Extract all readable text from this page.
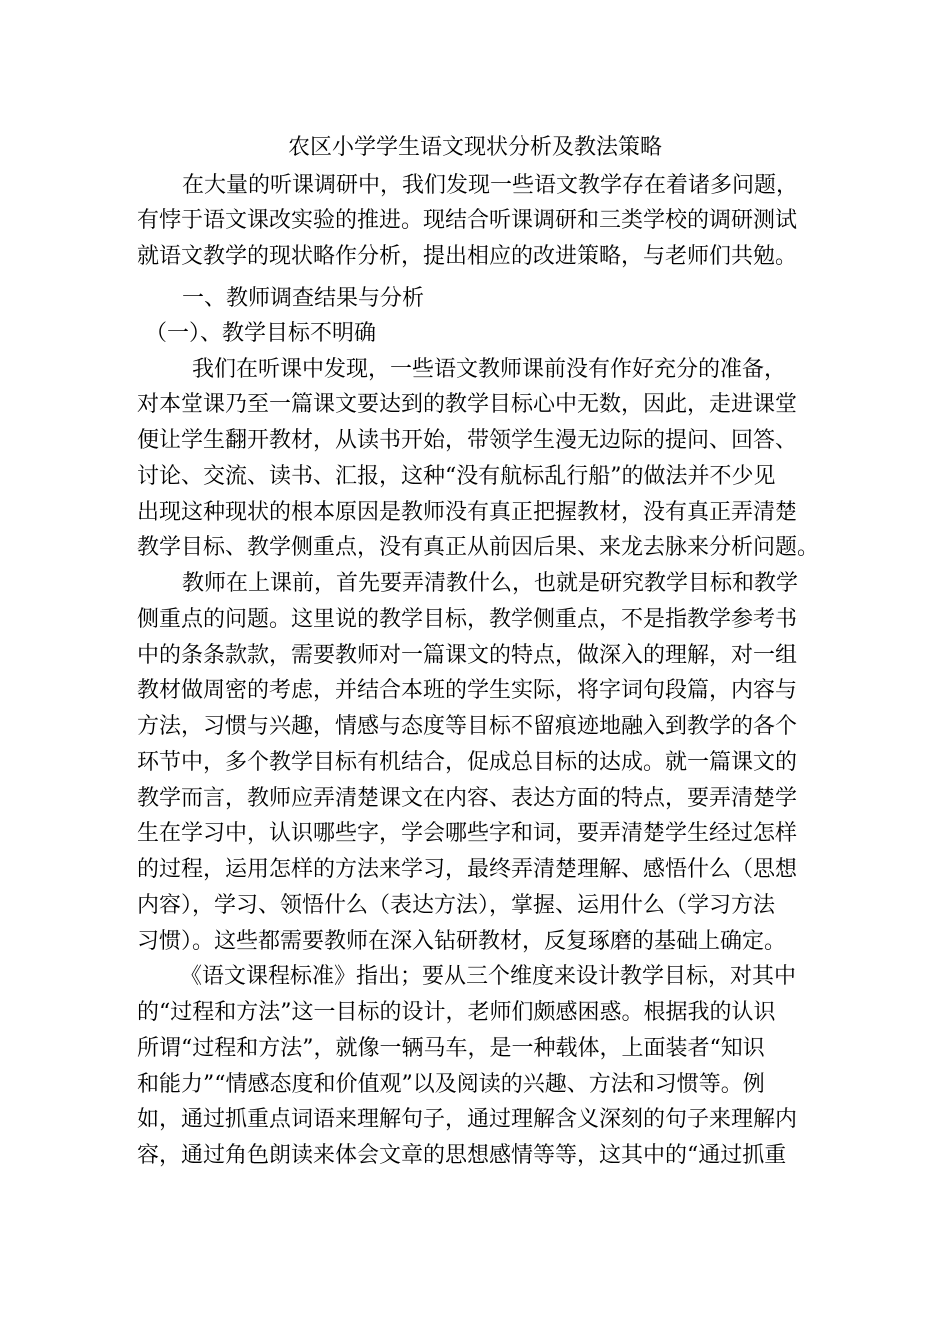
农区小学学生语文现状分析及教法策略
在大量的听课调研中，我们发现一些语文教学存在着诸多问题，
有悖于语文课改实验的推进。现结合听课调研和三类学校的调研测试
就语文教学的现状略作分析，提出相应的改进策略，与老师们共勉。
一、教师调查结果与分析
（一）、教学目标不明确
我们在听课中发现，一些语文教师课前没有作好充分的准备，
对本堂课乃至一篇课文要达到的教学目标心中无数，因此，走进课堂
便让学生翻开教材，从读书开始，带领学生漫无边际的提问、回答、
讨论、交流、读书、汇报，这种“没有航标乱行船”的做法并不少见
出现这种现状的根本原因是教师没有真正把握教材，没有真正弄清楚
教学目标、教学侧重点，没有真正从前因后果、来龙去脉来分析问题。
教师在上课前，首先要弄清教什么，也就是研究教学目标和教学
侧重点的问题。这里说的教学目标，教学侧重点，不是指教学参考书
中的条条款款，需要教师对一篇课文的特点，做深入的理解，对一组
教材做周密的考虑，并结合本班的学生实际，将字词句段篇，内容与
方法，习惯与兴趣，情感与态度等目标不留痕迹地融入到教学的各个
环节中，多个教学目标有机结合，促成总目标的达成。就一篇课文的
教学而言，教师应弄清楚课文在内容、表达方面的特点，要弄清楚学
生在学习中，认识哪些字，学会哪些字和词，要弄清楚学生经过怎样
的过程，运用怎样的方法来学习，最终弄清楚理解、感悟什么（思想
内容），学习、领悟什么（表达方法），掌握、运用什么（学习方法
习惯）。这些都需要教师在深入钻研教材，反复琢磨的基础上确定。
《语文课程标准》指出；要从三个维度来设计教学目标，对其中
的“过程和方法”这一目标的设计，老师们颇感困惑。根据我的认识
所谓“过程和方法”，就像一辆马车，是一种载体，上面装者“知识
和能力”“情感态度和价值观”以及阅读的兴趣、方法和习惯等。例
如，通过抓重点词语来理解句子，通过理解含义深刻的句子来理解内
容，通过角色朗读来体会文章的思想感情等等，这其中的“通过抓重
